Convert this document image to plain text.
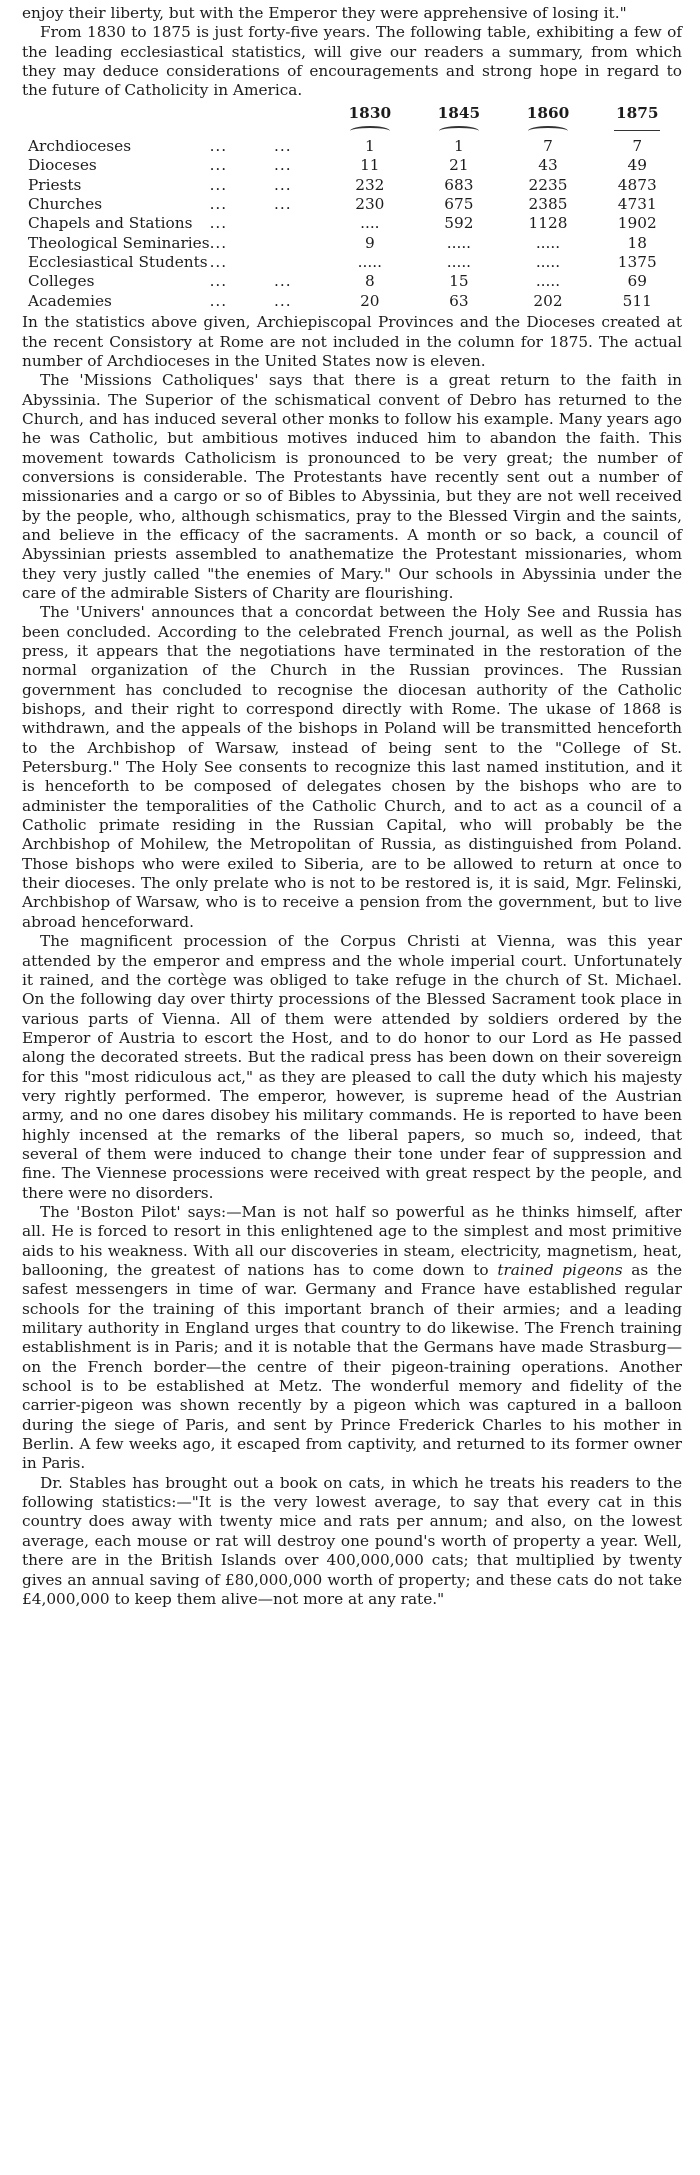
enjoy their liberty, but with the Emperor they were apprehensive of losing it."

From 1830 to 1875 is just forty-five years. The following table, exhibiting a few of the leading ecclesiastical statistics, will give our readers a summary, from which they may deduce considerations of encouragements and strong hope in regard to the future of Catholicity in America.

		1830	1845	1860	1875

Archdioceses	...        ...	1	1	7	7
Dioceses	...        ...	11	21	43	49
Priests	...        ...	232	683	2235	4873
Churches	...        ...	230	675	2385	4731
Chapels and Stations	...	....	592	1128	1902
Theological Seminaries	...	9	.....	.....	18
Ecclesiastical Students	...	.....	.....	.....	1375
Colleges	...        ...	8	15	.....	69
Academies	...        ...	20	63	202	511

In the statistics above given, Archiepiscopal Provinces and the Dioceses created at the recent Consistory at Rome are not included in the column for 1875. The actual number of Archdioceses in the United States now is eleven.

The 'Missions Catholiques' says that there is a great return to the faith in Abyssinia. The Superior of the schismatical convent of Debro has returned to the Church, and has induced several other monks to follow his example. Many years ago he was Catholic, but ambitious motives induced him to abandon the faith. This movement towards Catholicism is pronounced to be very great; the number of conversions is considerable. The Protestants have recently sent out a number of missionaries and a cargo or so of Bibles to Abyssinia, but they are not well received by the people, who, although schismatics, pray to the Blessed Virgin and the saints, and believe in the efficacy of the sacraments. A month or so back, a council of Abyssinian priests assembled to anathematize the Protestant missionaries, whom they very justly called "the enemies of Mary." Our schools in Abyssinia under the care of the admirable Sisters of Charity are flourishing.

The 'Univers' announces that a concordat between the Holy See and Russia has been concluded. According to the celebrated French journal, as well as the Polish press, it appears that the negotiations have terminated in the restoration of the normal organization of the Church in the Russian provinces. The Russian government has concluded to recognise the diocesan authority of the Catholic bishops, and their right to correspond directly with Rome. The ukase of 1868 is withdrawn, and the appeals of the bishops in Poland will be transmitted henceforth to the Archbishop of Warsaw, instead of being sent to the "College of St. Petersburg." The Holy See consents to recognize this last named institution, and it is henceforth to be composed of delegates chosen by the bishops who are to administer the temporalities of the Catholic Church, and to act as a council of a Catholic primate residing in the Russian Capital, who will probably be the Archbishop of Mohilew, the Metropolitan of Russia, as distinguished from Poland. Those bishops who were exiled to Siberia, are to be allowed to return at once to their dioceses. The only prelate who is not to be restored is, it is said, Mgr. Felinski, Archbishop of Warsaw, who is to receive a pension from the government, but to live abroad henceforward.

The magnificent procession of the Corpus Christi at Vienna, was this year attended by the emperor and empress and the whole imperial court. Unfortunately it rained, and the cortège was obliged to take refuge in the church of St. Michael. On the following day over thirty processions of the Blessed Sacrament took place in various parts of Vienna. All of them were attended by soldiers ordered by the Emperor of Austria to escort the Host, and to do honor to our Lord as He passed along the decorated streets. But the radical press has been down on their sovereign for this "most ridiculous act," as they are pleased to call the duty which his majesty very rightly performed. The emperor, however, is supreme head of the Austrian army, and no one dares disobey his military commands. He is reported to have been highly incensed at the remarks of the liberal papers, so much so, indeed, that several of them were induced to change their tone under fear of suppression and fine. The Viennese processions were received with great respect by the people, and there were no disorders.

The 'Boston Pilot' says:—Man is not half so powerful as he thinks himself, after all. He is forced to resort in this enlightened age to the simplest and most primitive aids to his weakness. With all our discoveries in steam, electricity, magnetism, heat, ballooning, the greatest of nations has to come down to trained pigeons as the safest messengers in time of war. Germany and France have established regular schools for the training of this important branch of their armies; and a leading military authority in England urges that country to do likewise. The French training establishment is in Paris; and it is notable that the Germans have made Strasburg—on the French border—the centre of their pigeon-training operations. Another school is to be established at Metz. The wonderful memory and fidelity of the carrier-pigeon was shown recently by a pigeon which was captured in a balloon during the siege of Paris, and sent by Prince Frederick Charles to his mother in Berlin. A few weeks ago, it escaped from captivity, and returned to its former owner in Paris.

Dr. Stables has brought out a book on cats, in which he treats his readers to the following statistics:—"It is the very lowest average, to say that every cat in this country does away with twenty mice and rats per annum; and also, on the lowest average, each mouse or rat will destroy one pound's worth of property a year. Well, there are in the British Islands over 400,000,000 cats; that multiplied by twenty gives an annual saving of £80,000,000 worth of property; and these cats do not take £4,000,000 to keep them alive—not more at any rate."
